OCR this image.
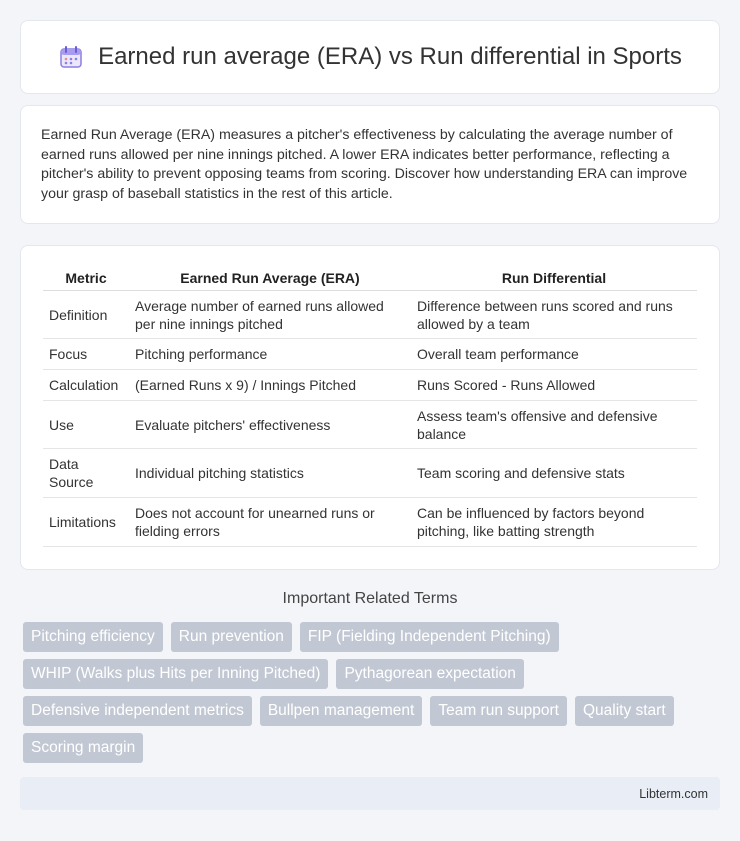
Earned run average (ERA) vs Run differential in Sports

Earned Run Average (ERA) measures a pitcher's effectiveness by calculating the average number of earned runs allowed per nine innings pitched. A lower ERA indicates better performance, reflecting a pitcher's ability to prevent opposing teams from scoring. Discover how understanding ERA can improve your grasp of baseball statistics in the rest of this article.

Metric	Earned Run Average (ERA)	Run Differential
Definition	Average number of earned runs allowed per nine innings pitched	Difference between runs scored and runs allowed by a team
Focus	Pitching performance	Overall team performance
Calculation	(Earned Runs x 9) / Innings Pitched	Runs Scored - Runs Allowed
Use	Evaluate pitchers' effectiveness	Assess team's offensive and defensive balance
Data Source	Individual pitching statistics	Team scoring and defensive stats
Limitations	Does not account for unearned runs or fielding errors	Can be influenced by factors beyond pitching, like batting strength
Important Related Terms
Pitching efficiency	Run prevention	FIP (Fielding Independent Pitching)
WHIP (Walks plus Hits per Inning Pitched)	Pythagorean expectation
Defensive independent metrics	Bullpen management	Team run support	Quality start
Scoring margin
Libterm.com
